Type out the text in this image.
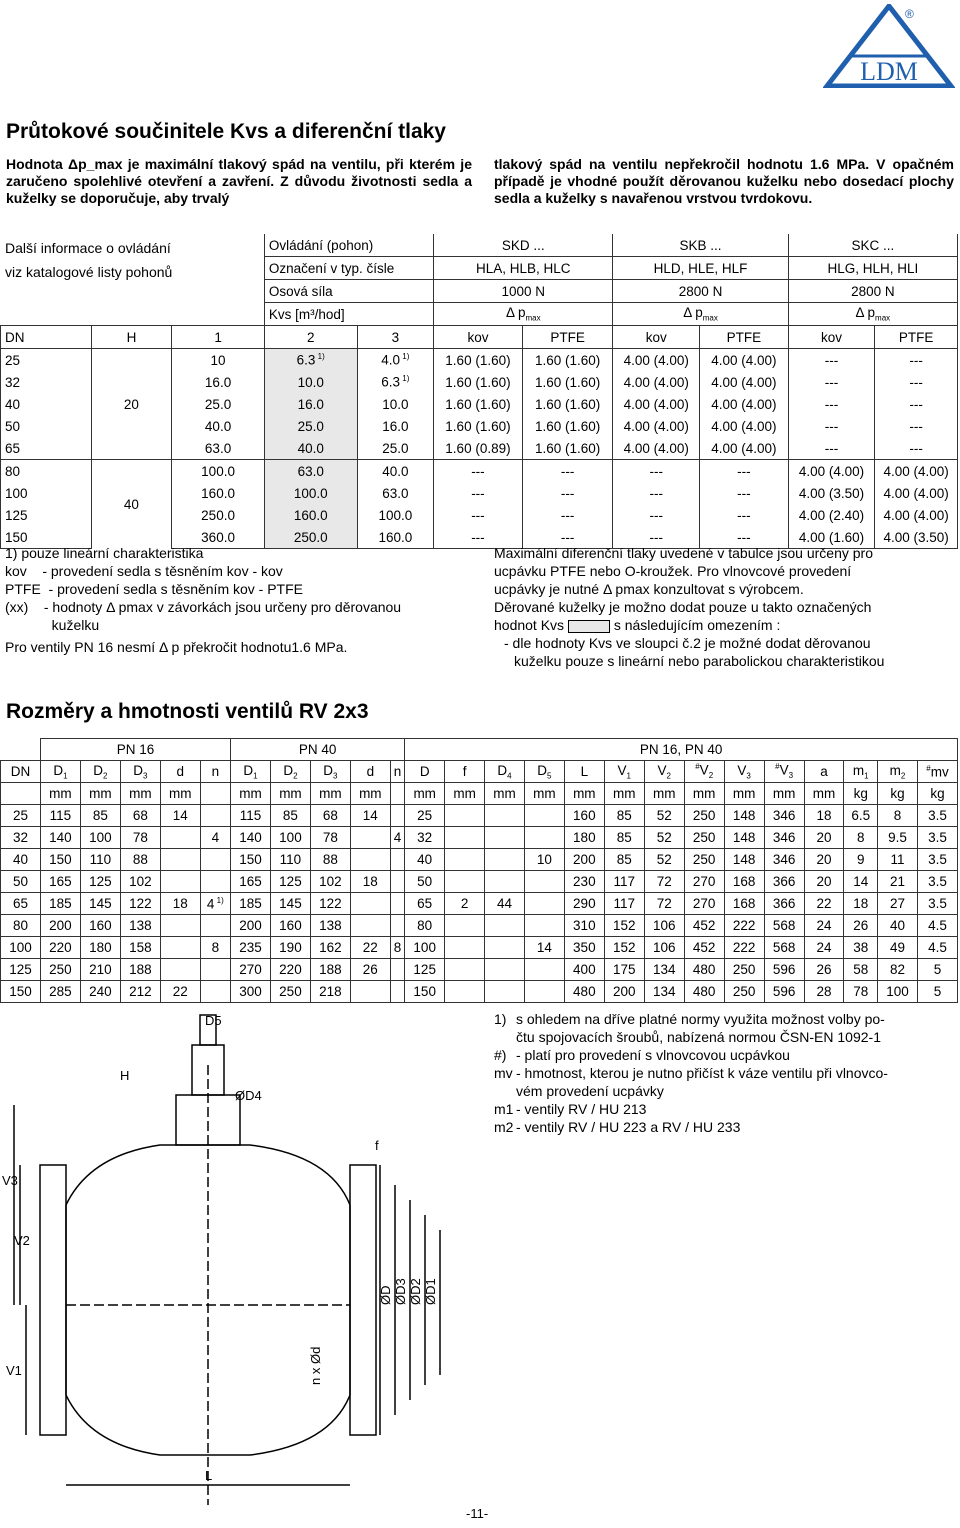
LDM
®
Průtokové součinitele Kvs a diferenční tlaky
Hodnota Δp_max je maximální tlakový spád na ventilu, při kterém je zaručeno spolehlivé otevření a zavření. Z důvodu životnosti sedla a kuželky se doporučuje, aby trvalý
tlakový spád na ventilu nepřekročil hodnotu 1.6 MPa. V opačném případě je vhodné použít děrovanou kuželku nebo dosedací plochy sedla a kuželky s navařenou vrstvou tvrdokovu.
Další informace o ovládání
viz katalogové listy pohonů
			Ovládání (pohon)		SKD ...		SKB ...		SKC ...	
			Označení v typ. čísle		HLA, HLB, HLC		HLD, HLE, HLF		HLG, HLH, HLI	
			Osová síla		1000 N		2800 N		2800 N	
			Kvs [m³/hod]		Δ $p_{max}$		Δ $p_{max}$		Δ $p_{max}$
DN	H	1	2	3	kov	PTFE	kov	PTFE	kov	PTFE
25	20	10	6.3 $^{1)}$	4.0 $^{1)}$	1.60 (1.60)	1.60 (1.60)	4.00 (4.00)	4.00 (4.00)	---	---
32		16.0	10.0	6.3 $^{1)}$	1.60 (1.60)	1.60 (1.60)	4.00 (4.00)	4.00 (4.00)	---	---
40		25.0	16.0	10.0	1.60 (1.60)	1.60 (1.60)	4.00 (4.00)	4.00 (4.00)	---	---
50		40.0	25.0	16.0	1.60 (1.60)	1.60 (1.60)	4.00 (4.00)	4.00 (4.00)	---	---
65		63.0	40.0	25.0	1.60 (0.89)	1.60 (1.60)	4.00 (4.00)	4.00 (4.00)	---	---
80	40	100.0	63.0	40.0	---	---	---	---	4.00 (4.00)	4.00 (4.00)
100		160.0	100.0	63.0	---	---	---	---	4.00 (3.50)	4.00 (4.00)
125		250.0	160.0	100.0	---	---	---	---	4.00 (2.40)	4.00 (4.00)
150		360.0	250.0	160.0	---	---	---	---	4.00 (1.60)	4.00 (3.50)
1) pouze lineární charakteristika
kov    - provedení sedla s těsněním kov - kov
PTFE  - provedení sedla s těsněním kov - PTFE
(xx)    - hodnoty Δ pmax v závorkách jsou určeny pro děrovanou
kuželku
Pro ventily PN 16 nesmí Δ p překročit hodnotu1.6 MPa.
Maximální diferenční tlaky uvedené v tabulce jsou určeny pro
ucpávku PTFE nebo O-kroužek. Pro vlnovcové provedení
ucpávky je nutné Δ pmax konzultovat s výrobcem.
Děrované kuželky je možno dodat pouze u takto označených
hodnot Kvs	s následujícím omezením :
- dle hodnoty Kvs ve sloupci č.2 je možné dodat děrovanou
kuželku pouze s lineární nebo parabolickou charakteristikou
Rozměry a hmotnosti ventilů RV 2x3
	PN 16					PN 40					PN 16, PN 40													
DN	$D_1$	$D_2$	$D_3$	d	n	$D_1$	$D_2$	$D_3$	d	n	D	f	$D_4$	$D_5$	L	$V_1$	$V_2$	$^{\#}V_2$	$V_3$	$^{\#}V_3$	a	$m_1$	$m_2$	#mv
	mm	mm	mm	mm		mm	mm	mm	mm		mm	mm	mm	mm	mm	mm	mm	mm	mm	mm	mm	kg	kg	kg
25	115	85	68	14		115	85	68	14		25				160	85	52	250	148	346	18	6.5	8	3.5
32	140	100	78		4	140	100	78		4	32				180	85	52	250	148	346	20	8	9.5	3.5
40	150	110	88			150	110	88			40			10	200	85	52	250	148	346	20	9	11	3.5
50	165	125	102			165	125	102	18		50				230	117	72	270	168	366	20	14	21	3.5
65	185	145	122	18	4 $^{1)}$	185	145	122			65	2	44		290	117	72	270	168	366	22	18	27	3.5
80	200	160	138			200	160	138			80				310	152	106	452	222	568	24	26	40	4.5
100	220	180	158		8	235	190	162	22	8	100			14	350	152	106	452	222	568	24	38	49	4.5
125	250	210	188			270	220	188	26		125				400	175	134	480	250	596	26	58	82	5
150	285	240	212	22		300	250	218			150				480	200	134	480	250	596	28	78	100	5
D5
H
ØD4
f
V3
V2
V1
L
n x Ød
ØD ØD3 ØD2 ØD1
1) s ohledem na dříve platné normy využita možnost volby po-
čtu spojovacích šroubů, nabízená normou ČSN-EN 1092-1
#) - platí pro provedení s vlnovcovou ucpávkou
mv - hmotnost, kterou je nutno přičíst k váze ventilu při vlnovco-
vém provedení ucpávky
m1 - ventily RV / HU 213
m2 - ventily RV / HU 223 a RV / HU 233
-11-
